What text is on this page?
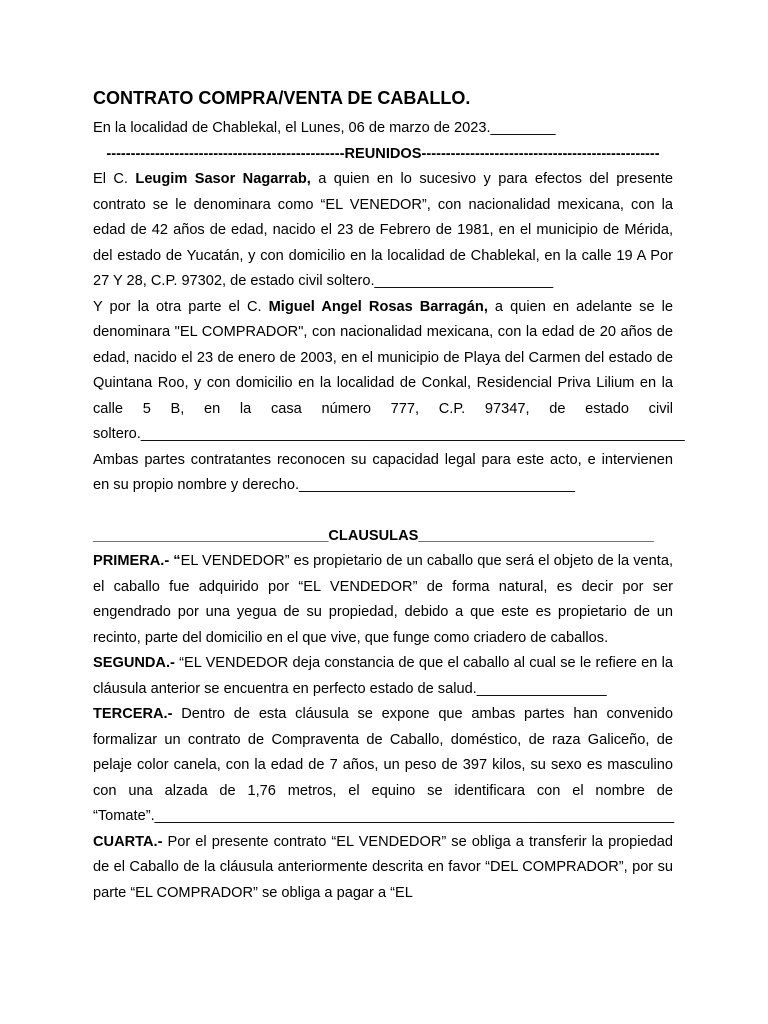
CONTRATO COMPRA/VENTA DE CABALLO.

En la localidad de Chablekal, el Lunes, 06 de marzo de 2023.________

-------------------------------------------------REUNIDOS-------------------------------------------------

El C. Leugim Sasor Nagarrab, a quien en lo sucesivo y para efectos del presente contrato se le denominara como “EL VENEDOR”, con nacionalidad mexicana, con la edad de 42 años de edad, nacido el 23 de Febrero de 1981, en el municipio de Mérida, del estado de Yucatán, y con domicilio en la localidad de Chablekal, en la calle 19 A Por 27 Y 28, C.P. 97302, de estado civil soltero.______________________

Y por la otra parte el C. Miguel Angel Rosas Barragán, a quien en adelante se le denominara "EL COMPRADOR", con nacionalidad mexicana, con la edad de 20 años de edad, nacido el 23 de enero de 2003, en el municipio de Playa del Carmen del estado de Quintana Roo, y con domicilio en la localidad de Conkal, Residencial Priva Lilium en la calle 5 B, en la casa número 777, C.P. 97347, de estado civil soltero.___________________________________________________________________

Ambas partes contratantes reconocen su capacidad legal para este acto, e intervienen en su propio nombre y derecho.__________________________________

_____________________________CLAUSULAS_____________________________

PRIMERA.- “EL VENDEDOR” es propietario de un caballo que será el objeto de la venta, el caballo fue adquirido por “EL VENDEDOR” de forma natural, es decir por ser engendrado por una yegua de su propiedad, debido a que este es propietario de un recinto, parte del domicilio en el que vive, que funge como criadero de caballos.

SEGUNDA.- “EL VENDEDOR deja constancia de que el caballo al cual se le refiere en la cláusula anterior se encuentra en perfecto estado de salud.________________

TERCERA.- Dentro de esta cláusula se expone que ambas partes han convenido formalizar un contrato de Compraventa de Caballo, doméstico, de raza Galiceño, de pelaje color canela, con la edad de 7 años, un peso de 397 kilos, su sexo es masculino con una alzada de 1,76 metros, el equino se identificara con el nombre de “Tomate”.________________________________________________________________

CUARTA.- Por el presente contrato “EL VENDEDOR” se obliga a transferir la propiedad de el Caballo de la cláusula anteriormente descrita en favor “DEL COMPRADOR”, por su parte “EL COMPRADOR” se obliga a pagar a “EL
